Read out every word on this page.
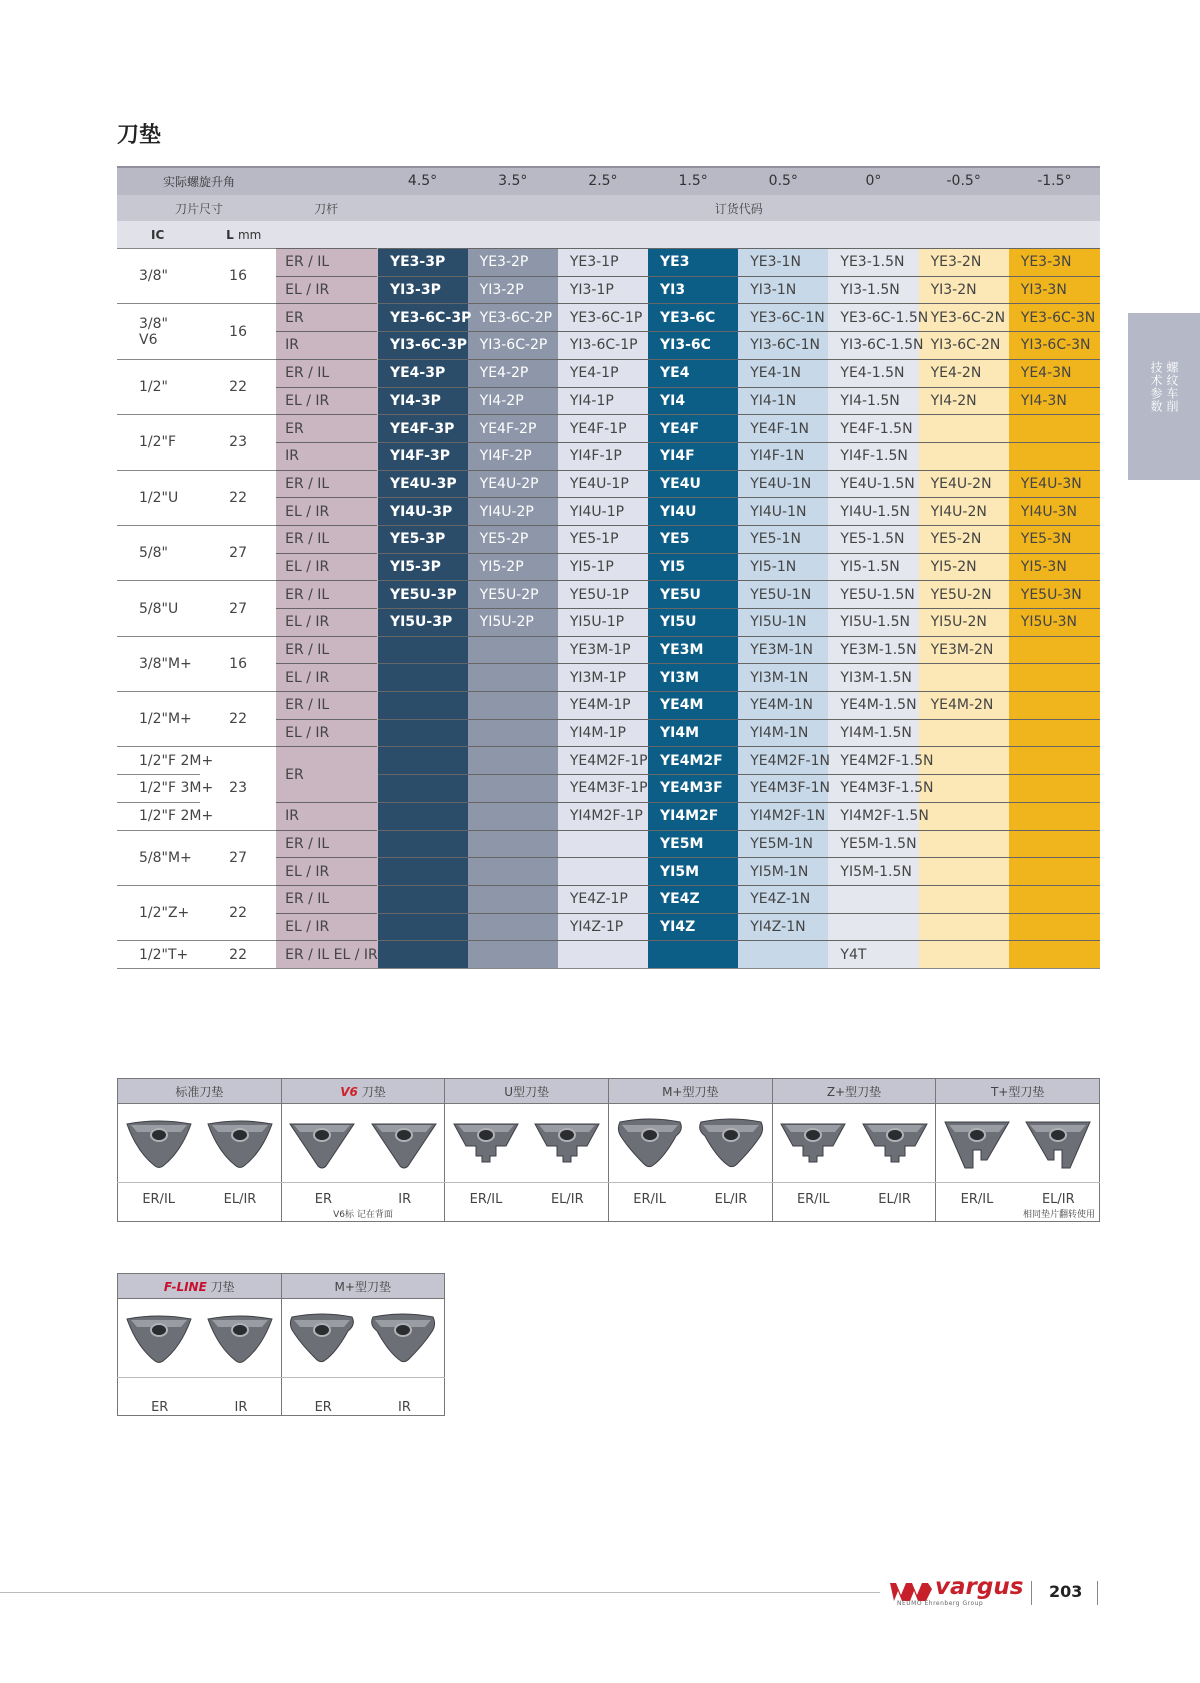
刀垫
实际螺旋升角			4.5°	3.5°	2.5°	1.5°	0.5°	0°	-0.5°	-1.5°
刀片尺寸		刀杆	订货代码							
IC	L mm									

3/8"	16	ER / IL	YE3-3P	YE3-2P	YE3-1P	YE3	YE3-1N	YE3-1.5N	YE3-2N	YE3-3N
		EL / IR	YI3-3P	YI3-2P	YI3-1P	YI3	YI3-1N	YI3-1.5N	YI3-2N	YI3-3N

3/8"
V6	16	ER	YE3-6C-3P	YE3-6C-2P	YE3-6C-1P	YE3-6C	YE3-6C-1N	YE3-6C-1.5N	YE3-6C-2N	YE3-6C-3N
		IR	YI3-6C-3P	YI3-6C-2P	YI3-6C-1P	YI3-6C	YI3-6C-1N	YI3-6C-1.5N	YI3-6C-2N	YI3-6C-3N

1/2"	22	ER / IL	YE4-3P	YE4-2P	YE4-1P	YE4	YE4-1N	YE4-1.5N	YE4-2N	YE4-3N
		EL / IR	YI4-3P	YI4-2P	YI4-1P	YI4	YI4-1N	YI4-1.5N	YI4-2N	YI4-3N

1/2"F	23	ER	YE4F-3P	YE4F-2P	YE4F-1P	YE4F	YE4F-1N	YE4F-1.5N		
		IR	YI4F-3P	YI4F-2P	YI4F-1P	YI4F	YI4F-1N	YI4F-1.5N		

1/2"U	22	ER / IL	YE4U-3P	YE4U-2P	YE4U-1P	YE4U	YE4U-1N	YE4U-1.5N	YE4U-2N	YE4U-3N
		EL / IR	YI4U-3P	YI4U-2P	YI4U-1P	YI4U	YI4U-1N	YI4U-1.5N	YI4U-2N	YI4U-3N

5/8"	27	ER / IL	YE5-3P	YE5-2P	YE5-1P	YE5	YE5-1N	YE5-1.5N	YE5-2N	YE5-3N
		EL / IR	YI5-3P	YI5-2P	YI5-1P	YI5	YI5-1N	YI5-1.5N	YI5-2N	YI5-3N

5/8"U	27	ER / IL	YE5U-3P	YE5U-2P	YE5U-1P	YE5U	YE5U-1N	YE5U-1.5N	YE5U-2N	YE5U-3N
		EL / IR	YI5U-3P	YI5U-2P	YI5U-1P	YI5U	YI5U-1N	YI5U-1.5N	YI5U-2N	YI5U-3N

3/8"M+	16	ER / IL			YE3M-1P	YE3M	YE3M-1N	YE3M-1.5N	YE3M-2N	
		EL / IR			YI3M-1P	YI3M	YI3M-1N	YI3M-1.5N		

1/2"M+	22	ER / IL			YE4M-1P	YE4M	YE4M-1N	YE4M-1.5N	YE4M-2N	
		EL / IR			YI4M-1P	YI4M	YI4M-1N	YI4M-1.5N		
1/2"F 2M+	23	ER			YE4M2F-1P	YE4M2F	YE4M2F-1N	YE4M2F-1.5N		
1/2"F 3M+					YE4M3F-1P	YE4M3F	YE4M3F-1N	YE4M3F-1.5N		
1/2"F 2M+		IR			YI4M2F-1P	YI4M2F	YI4M2F-1N	YI4M2F-1.5N		

5/8"M+	27	ER / IL				YE5M	YE5M-1N	YE5M-1.5N		
		EL / IR				YI5M	YI5M-1N	YI5M-1.5N		

1/2"Z+	22	ER / IL			YE4Z-1P	YE4Z	YE4Z-1N			
		EL / IR			YI4Z-1P	YI4Z	YI4Z-1N			

1/2"T+	22	ER / IL EL / IR						Y4T		
螺纹车削
技术参数
标准刀垫	V6 刀垫	U型刀垫	M+型刀垫	Z+型刀垫	T+型刀垫

ER/IL EL/IR	ER IR	ER/IL EL/IR	ER/IL EL/IR	ER/IL EL/IR	ER/IL EL/IR

	V6标 记在背面				相同垫片翻转使用
F-LINE 刀垫	M+型刀垫

ER IR	ER IR
vargus
NEUMO Ehrenberg Group
203
